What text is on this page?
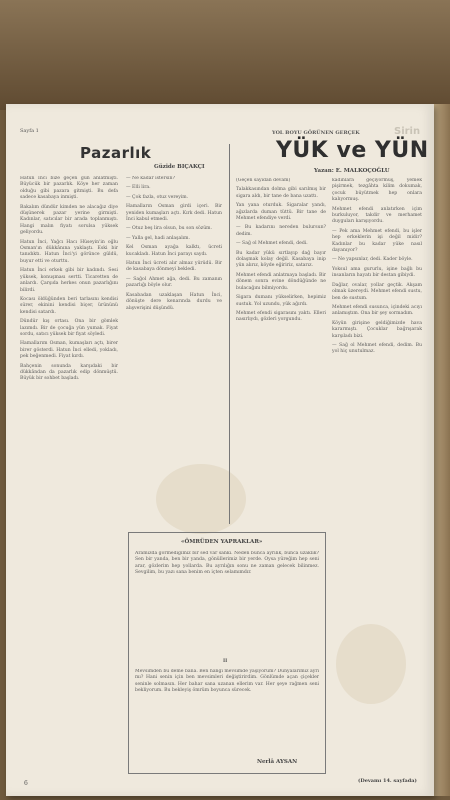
Sayfa 1
Pazarlık
Güzide BIÇAKÇI

Hatun İnci bize geçen gün anlatmıştı. Büyücük bir pazarlık. Köye her zaman olduğu gibi pazara gitmişti. Bu defa sadece kasabaya inmişti.

Bakalım dündür kimden ne alacağız diye düşünerek pazar yerine girmişti. Kadınlar, satıcılar bir arada toplanmıştı. Hangi malın fiyatı sorulsa yüksek geliyordu.

Hatun İnci, Yağcı Hacı Hüseyin'in oğlu Osman'ın dükkânına yaklaştı. Eski bir tanıdıktı. Hatun İnci'yi görünce güldü, buyur etti ve oturttu.

Hatun İnci erkek gibi bir kadındı. Sesi yüksek, konuşması sertti. Ticaretten de anlardı. Çarşıda herkes onun pazarlığını bilirdi.

Kocası öldüğünden beri tarlasını kendisi sürer, ekinini kendisi biçer, ürününü kendisi satardı.

Dündür kış ortası. Ona bir gömlek lazımdı. Bir de çocuğa yün yumak. Fiyat sordu, satıcı yüksek bir fiyat söyledi.

Hamallarım Osman, kumaşları açtı, birer birer gösterdi. Hatun İnci elledi, yokladı, pek beğenmedi. Fiyat kırdı.

Bahçenin sonunda karşıdaki bir dükkândan da pazarlık edip dönmüştü. Büyük bir sohbet başladı.

— Ne kadar istersin?

— Elli lira.

— Çok fazla, otuz vereyim.

Hamalların Osman girdi içeri. Bir yeniden kumaşları açtı. Kırk dedi. Hatun İnci kabul etmedi.

— Otuz beş lira olsun, bu son sözüm.

— Yalla gel, hadi anlaşalım.

Kel Osman ayağa kalktı, ücreti kucakladı. Hatun İnci parayı saydı.

Hatun İnci ücreti alır almaz yürüdü. Bir de kasabaya dönmeyi bekledi.

— Sağol Ahmet ağa, dedi. Bu zamanın pazarlığı böyle olur.

Kasabadan uzaklaşan Hatun İnci, dönüşte dere kenarında durdu ve alışverişini düşündü.

Sirin
YOL BOYU GÖRÜNEN GERÇEK
YÜK ve YÜN
Yazan: E. MALKOÇOĞLU

(Geçen sayıdan devam)

Talakkasından dolma gibi sarılmış bir sigara aldı, bir tane de bana uzattı.

Yan yana oturduk. Sigaralar yandı, ağızlarda duman tüttü. Bir tane de Mehmet efendiye verdi.

— Bu kadarını nereden bulursun? dedim.

— Sağ ol Mehmet efendi, dedi.

Bu kadar yükü sırtlayıp dağ bayır dolaşmak kolay değil. Kasabaya inip yün alırız, köyde eğiririz, satarız.

Mehmet efendi anlatmaya başladı. Bir dönem sonra evine döndüğünde ne bulacağını bilmiyordu.

Sigara dumanı yükselirken, hepimiz sustuk. Yol uzundu, yük ağırdı.

Mehmet efendi sigarasını yaktı. Elleri nasırlıydı, gözleri yorgundu.

kadınlara geçiyormuş, yemek pişirmek, tezgâhta kilim dokumak, çocuk büyütmek hep onlara kalıyormuş.

Mehmet efendi anlatırken içim burkuluyor, takdir ve merhamet duyguları karışıyordu.

— Pek ama Mehmet efendi, bu işler hep erkeklerin işi değil midir? Kadınlar bu kadar yüke nasıl dayanıyor?

— Ne yapsınlar, dedi. Kader böyle.

Yoksul ama gururlu, işine bağlı bu insanların hayatı bir destan gibiydi.

Dağlar, ovalar, yollar geçtik. Akşam olmak üzereydi. Mehmet efendi sustu, ben de sustum.

Mehmet efendi susunca, içindeki acıyı anlamıştım. Ona bir şey sormadım.

Köyün girişine geldiğimizde hava kararmıştı. Çocuklar bağrışarak karşıladı bizi.

— Sağ ol Mehmet efendi, dedim. Bu yol hiç unutulmaz.

(Devamı 14. sayfada)
«ÖMRÜDEN YAPRAKLAR»

Aramızda görmediğimiz bir sed var sanki. Neden bunca ayrılık, bunca uzaklık? Sen bir yanda, ben bir yanda, gönüllerimiz bir yerde. Oysa yüreğim hep seni arar, gözlerim hep yollarda. Bu ayrılığın sonu ne zaman gelecek bilinmez. Sevgilim, bu yazı sana benim en içten selamımdır.

II

Mevsimden bu deme bana. Ben hangi mevsimde yaşıyorum? Dünyalarımız ayrı mı? Hani senin için ben mevsimleri değiştirirdim. Gönlümde açan çiçekler seninle solmasın. Her bahar sana uzanan ellerim var. Her şeye rağmen seni bekliyorum. Bu bekleyiş ömrüm boyunca sürecek.

Nerlâ AYSAN
6
